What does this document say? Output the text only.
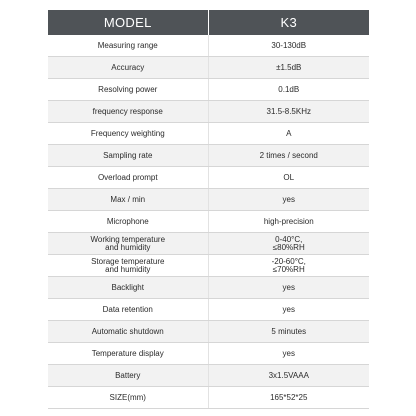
MODEL	K3
Measuring range	30-130dB
Accuracy	±1.5dB
Resolving power	0.1dB
frequency response	31.5-8.5KHz
Frequency weighting	A
Sampling rate	2 times / second
Overload prompt	OL
Max / min	yes
Microphone	high-precision

Working temperature
and humidity	0-40°C,
≤80%RH

Storage temperature
and humidity	-20-60°C,
≤70%RH

Backlight	yes
Data retention	yes
Automatic shutdown	5 minutes
Temperature display	yes
Battery	3x1.5VAAA
SIZE(mm)	165*52*25
